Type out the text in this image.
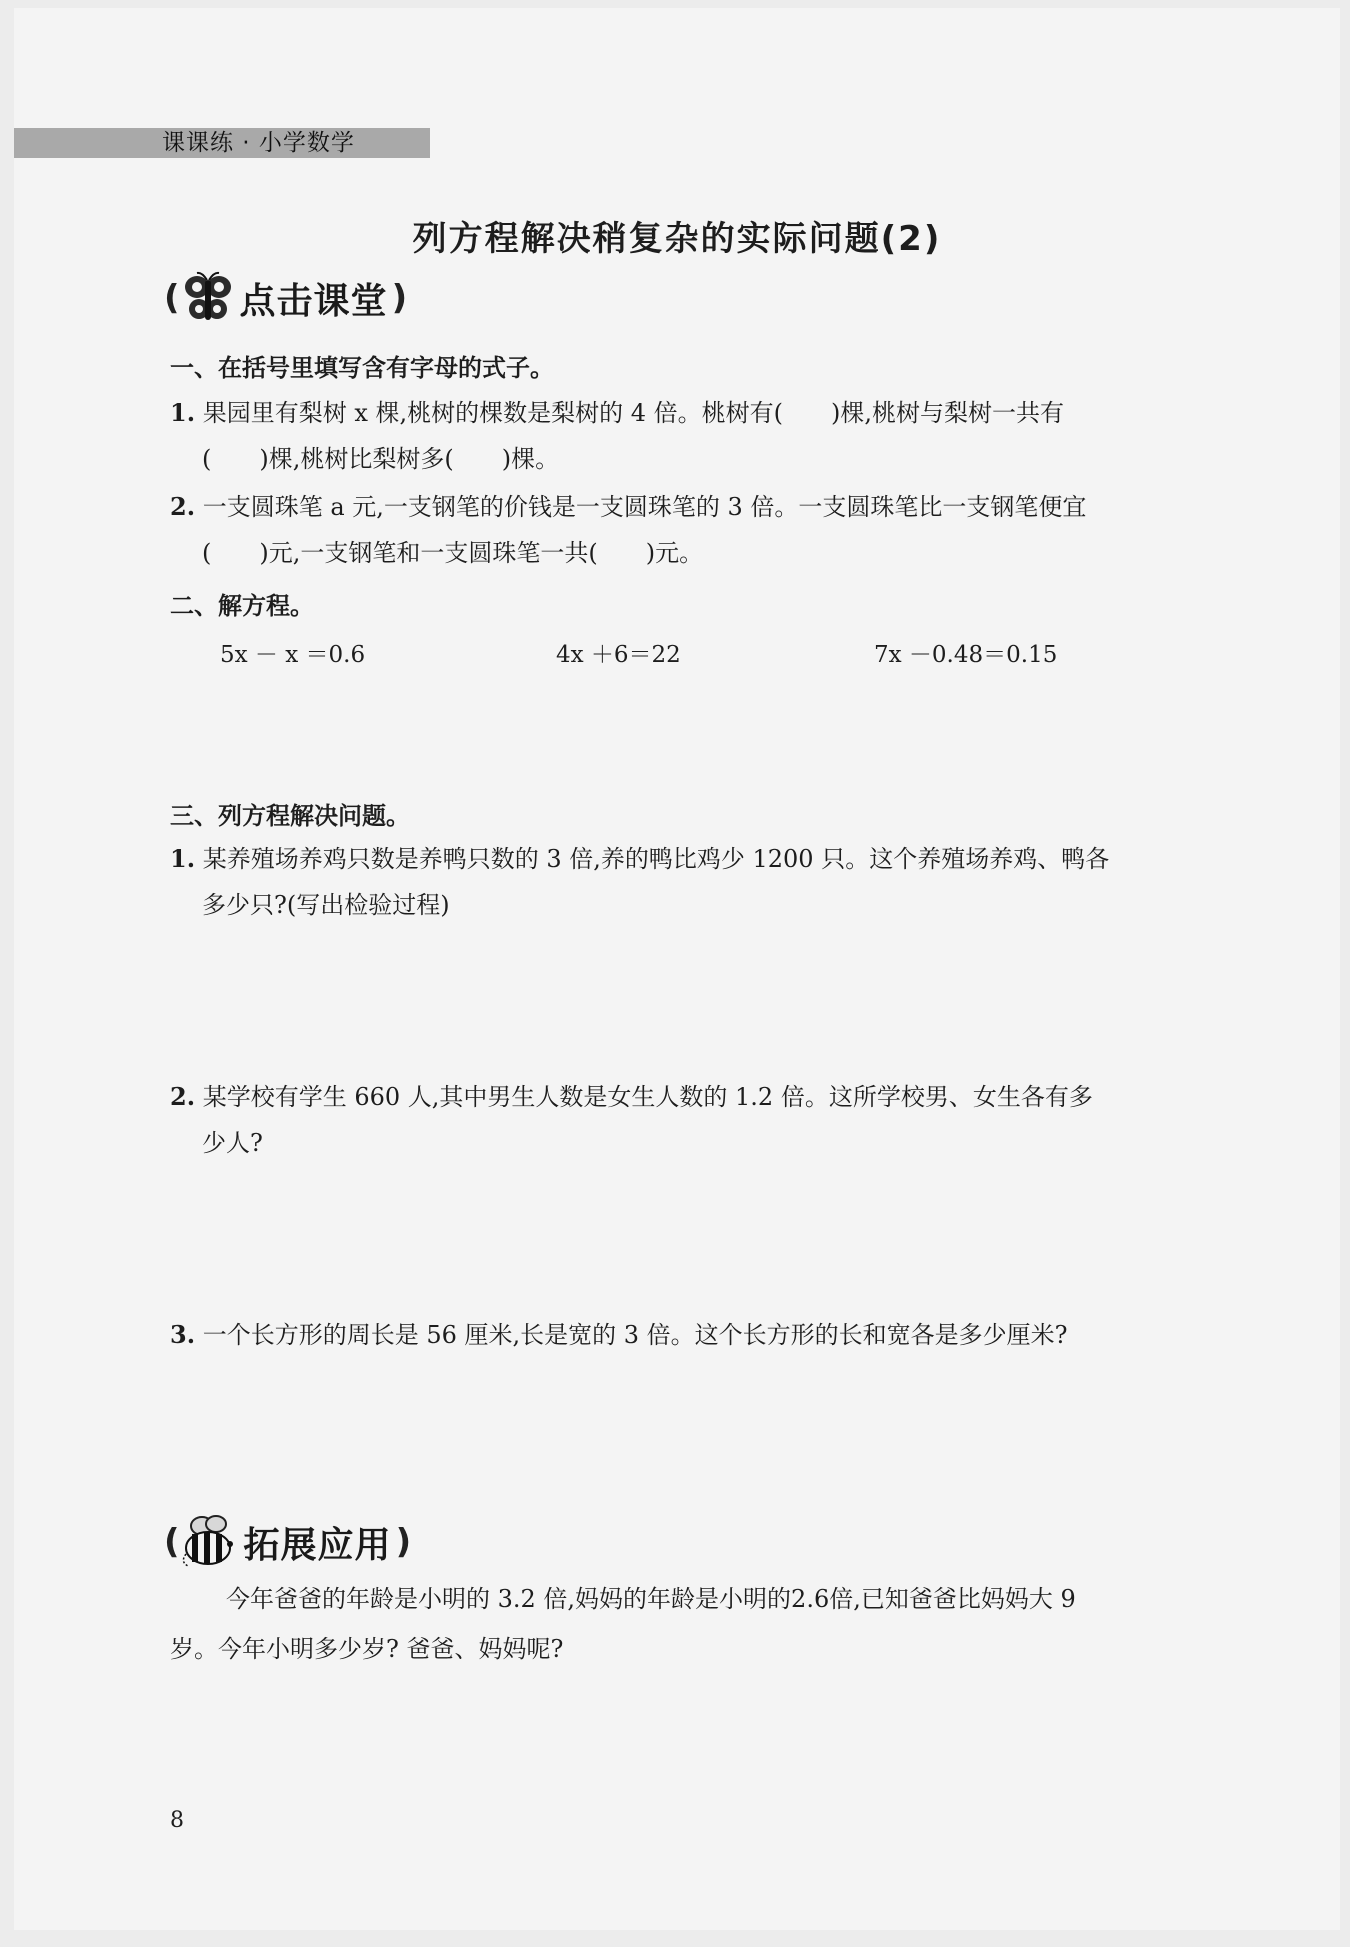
课课练 · 小学数学
列方程解决稍复杂的实际问题(2)
( 点击课堂 )
一、在括号里填写含有字母的式子。
1. 果园里有梨树 x 棵,桃树的棵数是梨树的 4 倍。桃树有(　　)棵,桃树与梨树一共有
(　　)棵,桃树比梨树多(　　)棵。
2. 一支圆珠笔 a 元,一支钢笔的价钱是一支圆珠笔的 3 倍。一支圆珠笔比一支钢笔便宜
(　　)元,一支钢笔和一支圆珠笔一共(　　)元。
二、解方程。
5x － x ＝0.6	4x ＋6＝22	7x －0.48＝0.15
三、列方程解决问题。
1. 某养殖场养鸡只数是养鸭只数的 3 倍,养的鸭比鸡少 1200 只。这个养殖场养鸡、鸭各
多少只?(写出检验过程)
2. 某学校有学生 660 人,其中男生人数是女生人数的 1.2 倍。这所学校男、女生各有多
少人?
3. 一个长方形的周长是 56 厘米,长是宽的 3 倍。这个长方形的长和宽各是多少厘米?
( 拓展应用 )
今年爸爸的年龄是小明的 3.2 倍,妈妈的年龄是小明的2.6倍,已知爸爸比妈妈大 9
岁。今年小明多少岁? 爸爸、妈妈呢?
8
